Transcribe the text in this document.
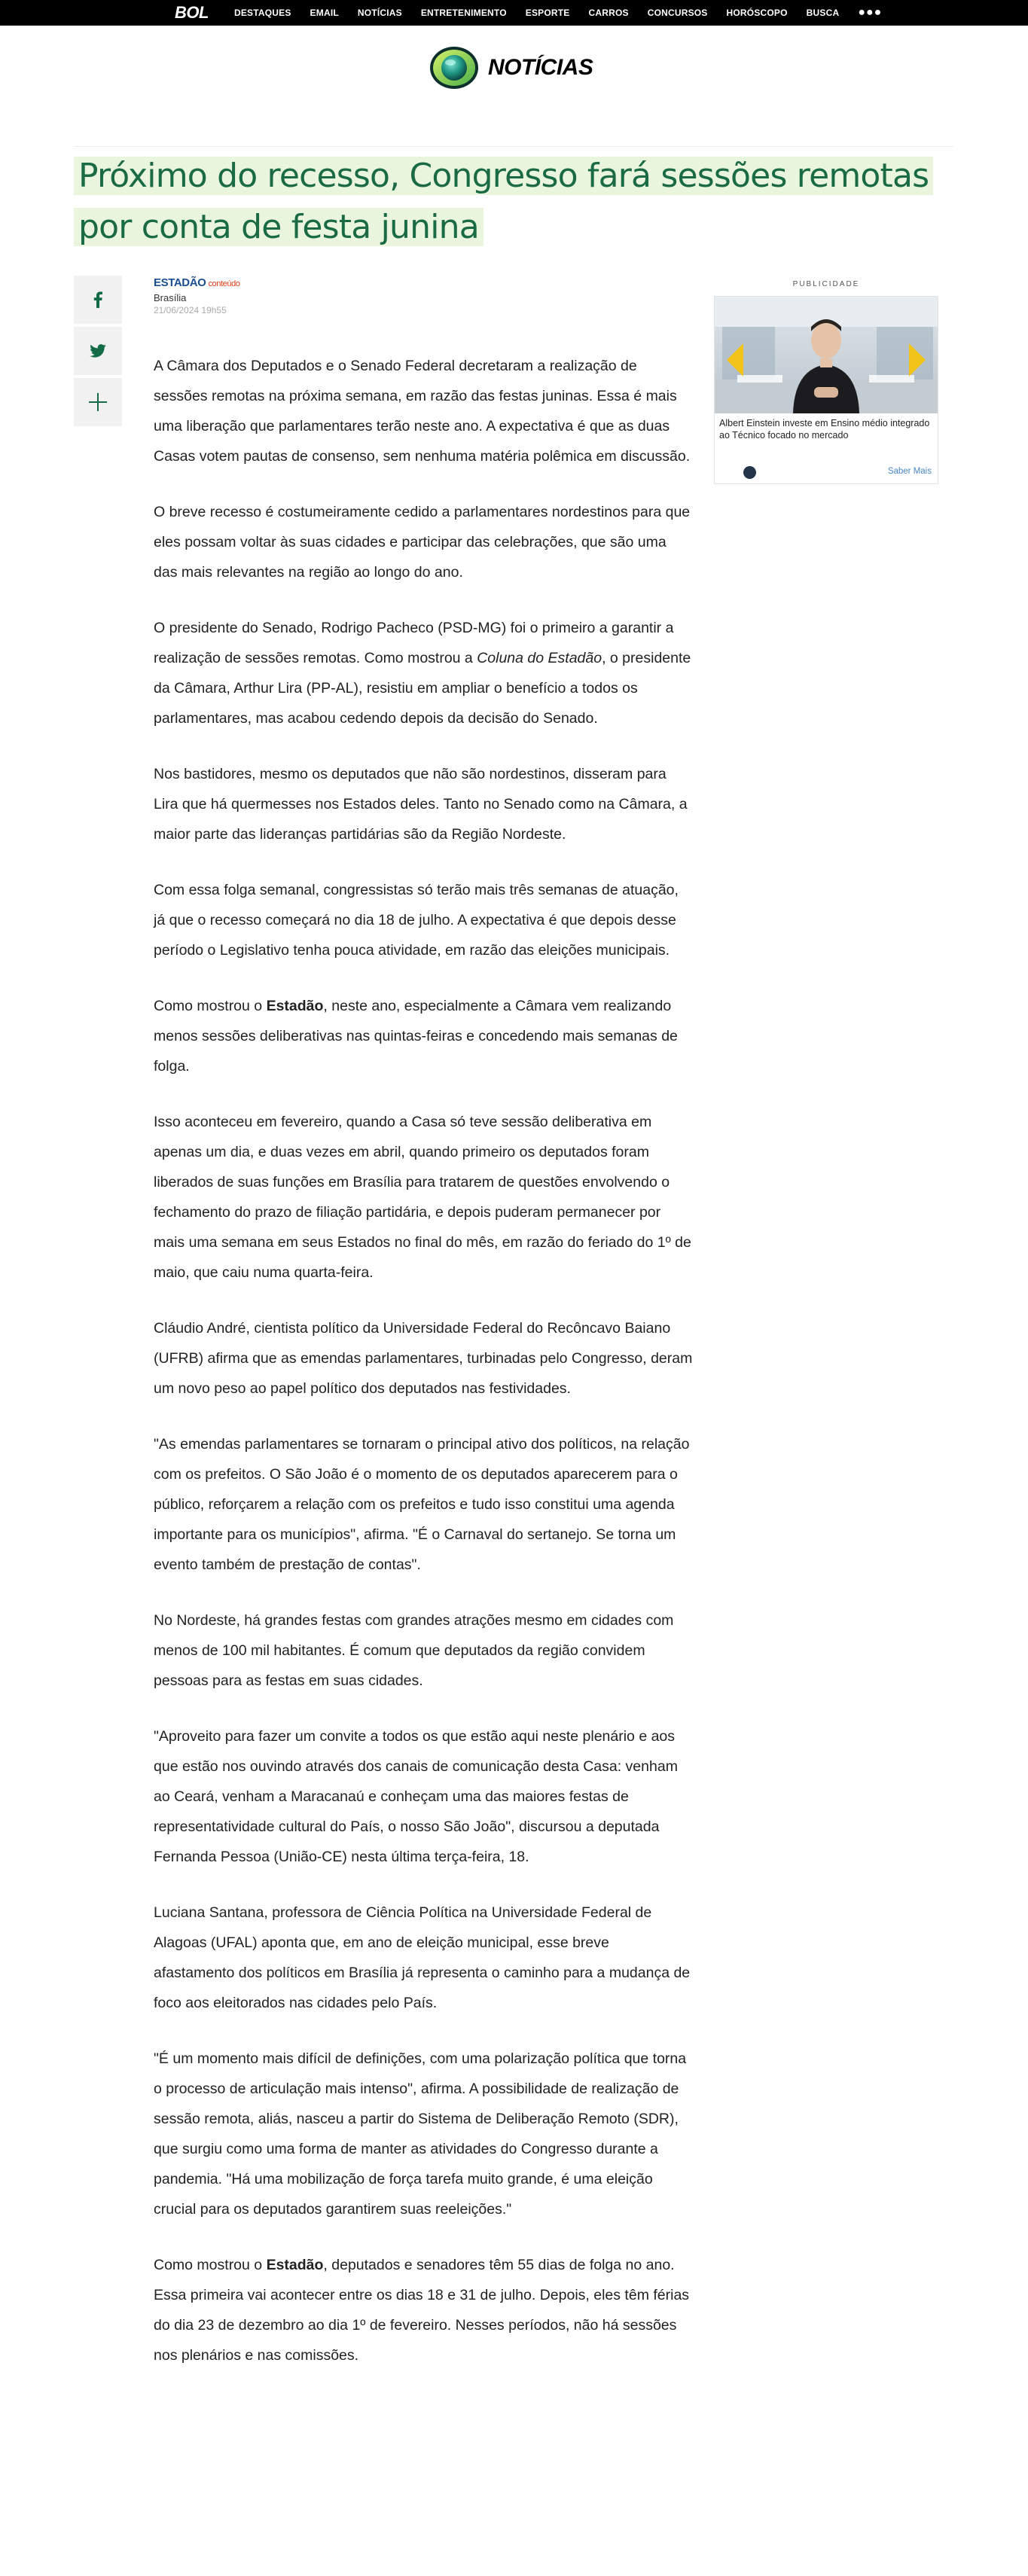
BOL	DESTAQUES EMAIL NOTÍCIAS ENTRETENIMENTO ESPORTE CARROS CONCURSOS HORÓSCOPO BUSCA ●●●
NOTÍCIAS
Próximo do recesso, Congresso fará sessões remotas por conta de festa junina
ESTADÃO conteúdo
Brasília
21/06/2024 19h55

A Câmara dos Deputados e o Senado Federal decretaram a realização de sessões remotas na próxima semana, em razão das festas juninas. Essa é mais uma liberação que parlamentares terão neste ano. A expectativa é que as duas Casas votem pautas de consenso, sem nenhuma matéria polêmica em discussão.

O breve recesso é costumeiramente cedido a parlamentares nordestinos para que eles possam voltar às suas cidades e participar das celebrações, que são uma das mais relevantes na região ao longo do ano.

O presidente do Senado, Rodrigo Pacheco (PSD-MG) foi o primeiro a garantir a realização de sessões remotas. Como mostrou a Coluna do Estadão, o presidente da Câmara, Arthur Lira (PP-AL), resistiu em ampliar o benefício a todos os parlamentares, mas acabou cedendo depois da decisão do Senado.

Nos bastidores, mesmo os deputados que não são nordestinos, disseram para Lira que há quermesses nos Estados deles. Tanto no Senado como na Câmara, a maior parte das lideranças partidárias são da Região Nordeste.

Com essa folga semanal, congressistas só terão mais três semanas de atuação, já que o recesso começará no dia 18 de julho. A expectativa é que depois desse período o Legislativo tenha pouca atividade, em razão das eleições municipais.

Como mostrou o Estadão, neste ano, especialmente a Câmara vem realizando menos sessões deliberativas nas quintas-feiras e concedendo mais semanas de folga.

Isso aconteceu em fevereiro, quando a Casa só teve sessão deliberativa em apenas um dia, e duas vezes em abril, quando primeiro os deputados foram liberados de suas funções em Brasília para tratarem de questões envolvendo o fechamento do prazo de filiação partidária, e depois puderam permanecer por mais uma semana em seus Estados no final do mês, em razão do feriado do 1º de maio, que caiu numa quarta-feira.

Cláudio André, cientista político da Universidade Federal do Recôncavo Baiano (UFRB) afirma que as emendas parlamentares, turbinadas pelo Congresso, deram um novo peso ao papel político dos deputados nas festividades.

"As emendas parlamentares se tornaram o principal ativo dos políticos, na relação com os prefeitos. O São João é o momento de os deputados aparecerem para o público, reforçarem a relação com os prefeitos e tudo isso constitui uma agenda importante para os municípios", afirma. "É o Carnaval do sertanejo. Se torna um evento também de prestação de contas".

No Nordeste, há grandes festas com grandes atrações mesmo em cidades com menos de 100 mil habitantes. É comum que deputados da região convidem pessoas para as festas em suas cidades.

"Aproveito para fazer um convite a todos os que estão aqui neste plenário e aos que estão nos ouvindo através dos canais de comunicação desta Casa: venham ao Ceará, venham a Maracanaú e conheçam uma das maiores festas de representatividade cultural do País, o nosso São João", discursou a deputada Fernanda Pessoa (União-CE) nesta última terça-feira, 18.

Luciana Santana, professora de Ciência Política na Universidade Federal de Alagoas (UFAL) aponta que, em ano de eleição municipal, esse breve afastamento dos políticos em Brasília já representa o caminho para a mudança de foco aos eleitorados nas cidades pelo País.

"É um momento mais difícil de definições, com uma polarização política que torna o processo de articulação mais intenso", afirma. A possibilidade de realização de sessão remota, aliás, nasceu a partir do Sistema de Deliberação Remoto (SDR), que surgiu como uma forma de manter as atividades do Congresso durante a pandemia. "Há uma mobilização de força tarefa muito grande, é uma eleição crucial para os deputados garantirem suas reeleições."

Como mostrou o Estadão, deputados e senadores têm 55 dias de folga no ano. Essa primeira vai acontecer entre os dias 18 e 31 de julho. Depois, eles têm férias do dia 23 de dezembro ao dia 1º de fevereiro. Nesses períodos, não há sessões nos plenários e nas comissões.

PUBLICIDADE
Albert Einstein investe em Ensino médio integrado ao Técnico focado no mercado
Saber Mais
